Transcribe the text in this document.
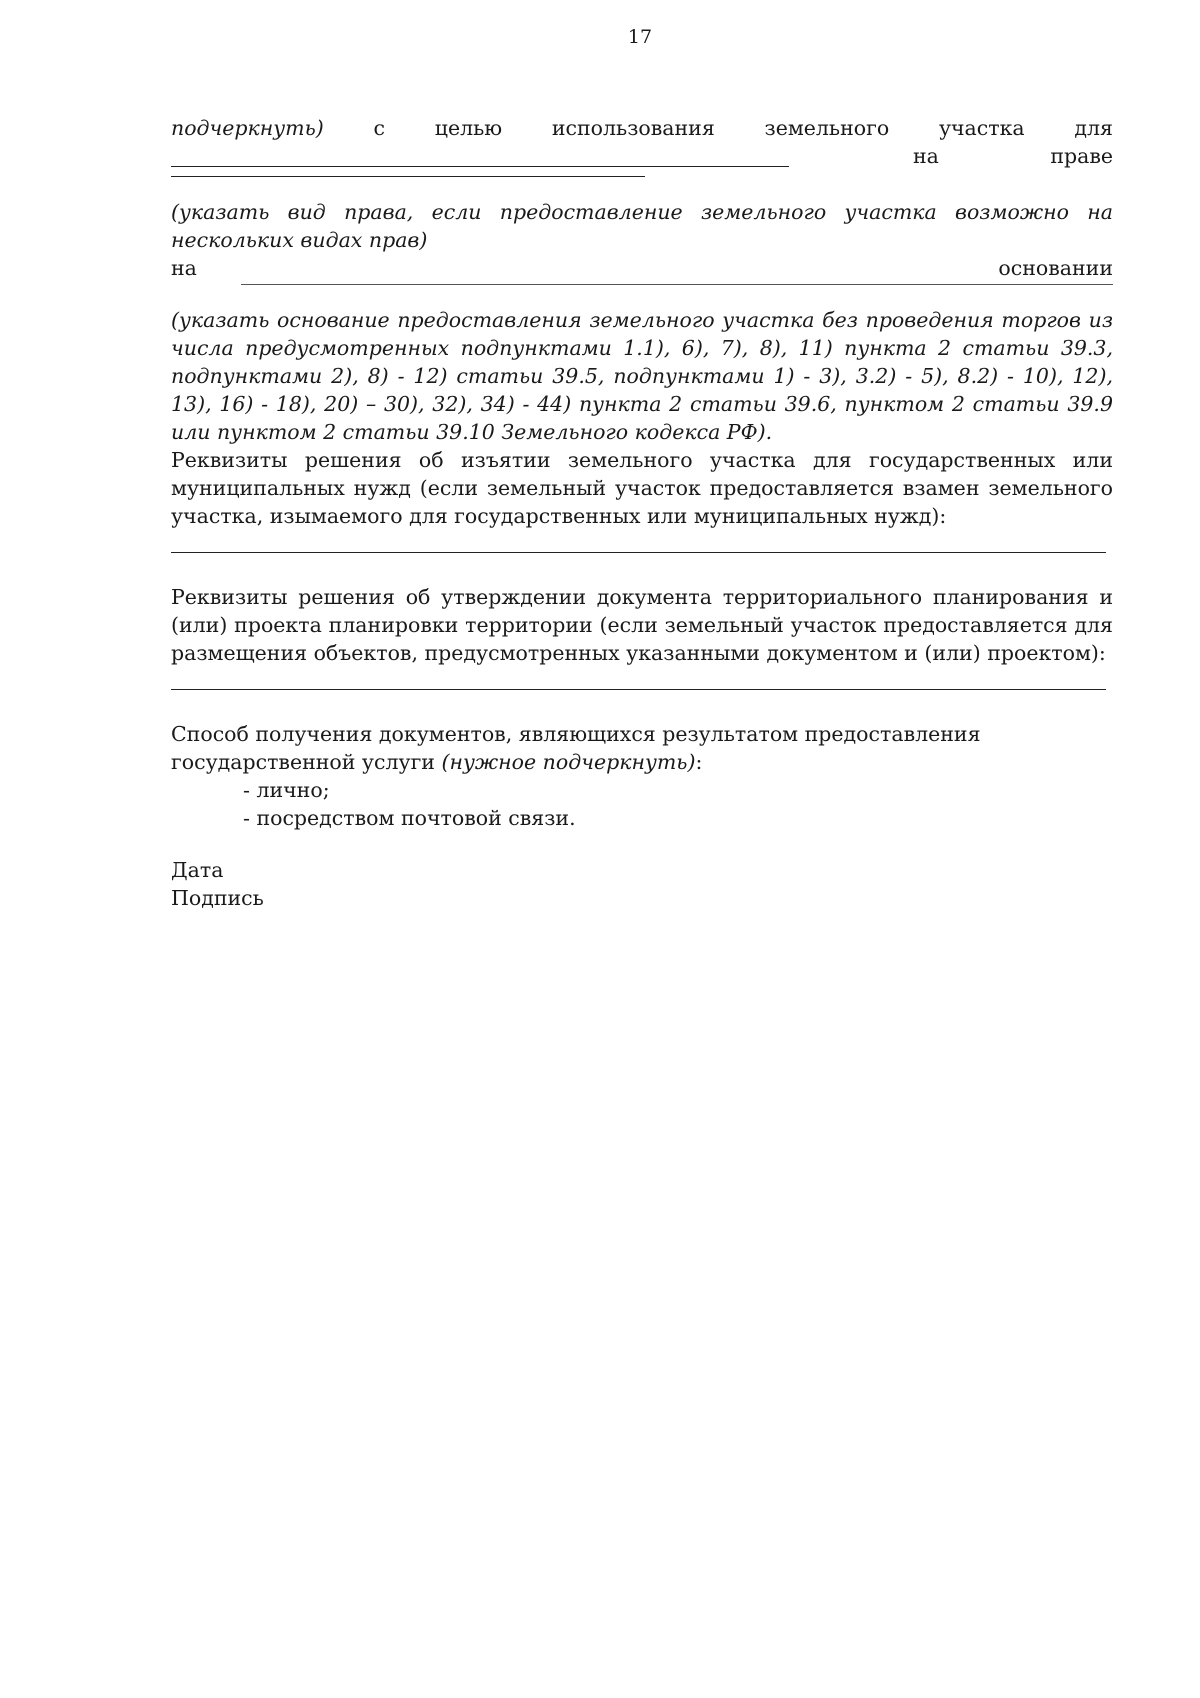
17
подчеркнуть) с целью использования земельного участка для
на	праве

(указать вид права, если предоставление земельного участка возможно на нескольких видах прав)

на	основании

(указать основание предоставления земельного участка без проведения торгов из числа предусмотренных подпунктами 1.1), 6), 7), 8), 11) пункта 2 статьи 39.3, подпунктами 2), 8) - 12) статьи 39.5, подпунктами 1) - 3), 3.2) - 5), 8.2) - 10), 12), 13), 16) - 18), 20) – 30), 32), 34) - 44) пункта 2 статьи 39.6, пунктом 2 статьи 39.9 или пунктом 2 статьи 39.10 Земельного кодекса РФ).

Реквизиты решения об изъятии земельного участка для государственных или муниципальных нужд (если земельный участок предоставляется взамен земельного участка, изымаемого для государственных или муниципальных нужд):

Реквизиты решения об утверждении документа территориального планирования и (или) проекта планировки территории (если земельный участок предоставляется для размещения объектов, предусмотренных указанными документом и (или) проектом):

Способ получения документов, являющихся результатом предоставления
государственной услуги (нужное подчеркнуть):
- лично;
- посредством почтовой связи.
Дата
Подпись
